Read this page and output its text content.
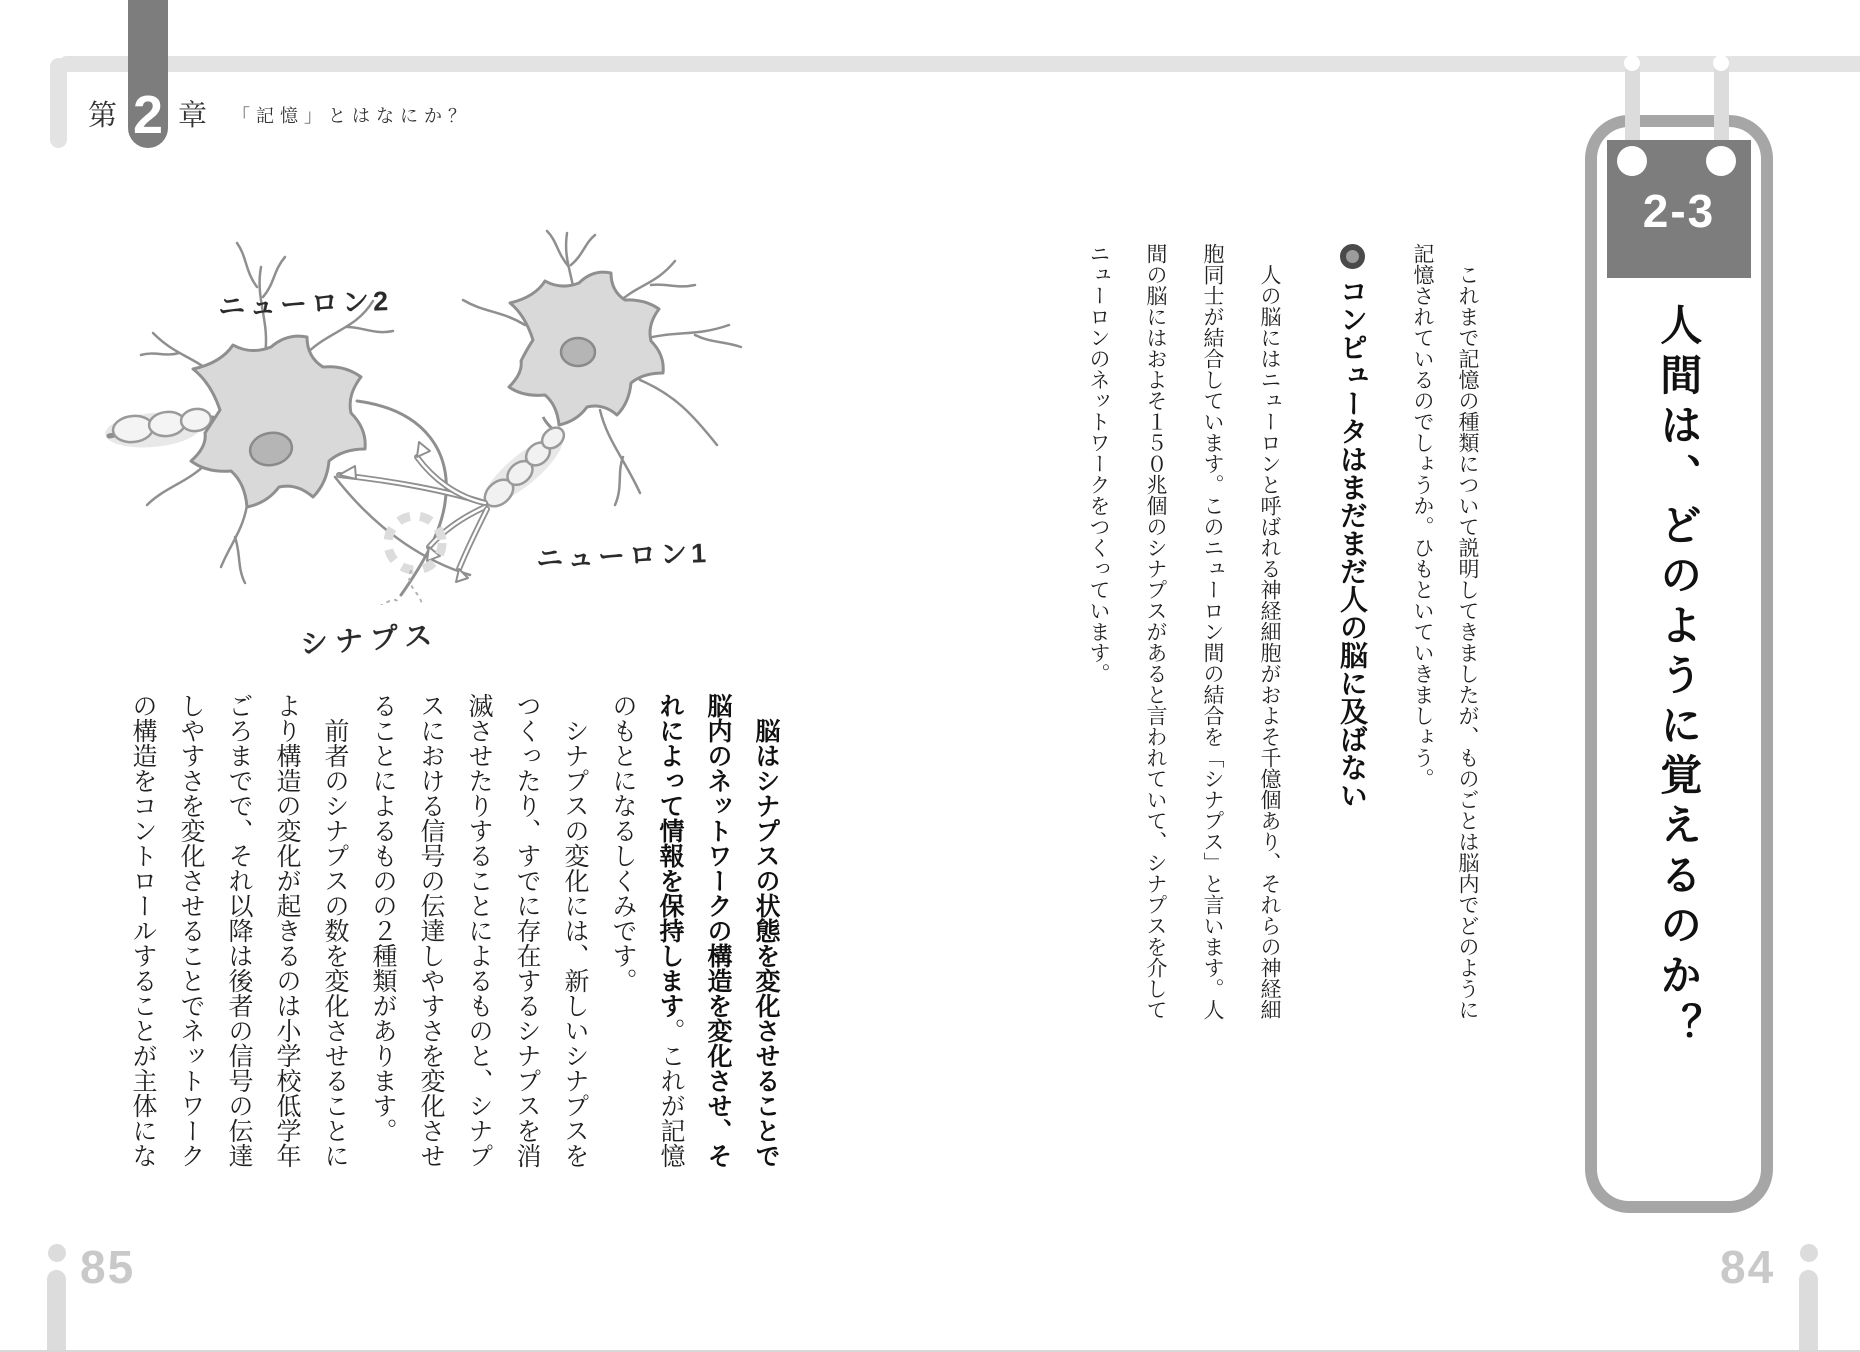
2
第 章 「記憶」とはなにか？
ニューロン2
ニューロン1
シナプス
　脳はシナプスの状態を変化させることで
脳内のネットワークの構造を変化させ、そ
れによって情報を保持します。これが記憶
のもとになるしくみです。
　シナプスの変化には、新しいシナプスを
つくったり、すでに存在するシナプスを消
滅させたりすることによるものと、シナプ
スにおける信号の伝達しやすさを変化させ
ることによるものの２種類があります。
　前者のシナプスの数を変化させることに
より構造の変化が起きるのは小学校低学年
ごろまでで、それ以降は後者の信号の伝達
しやすさを変化させることでネットワーク
の構造をコントロールすることが主体にな
85
　これまで記憶の種類について説明してきましたが、ものごとは脳内でどのように
記憶されているのでしょうか。ひもといていきましょう。
コンピュータはまだまだ人の脳に及ばない
　人の脳にはニューロンと呼ばれる神経細胞がおよそ千億個あり、それらの神経細
胞同士が結合しています。このニューロン間の結合を「シナプス」と言います。人
間の脳にはおよそ１５０兆個のシナプスがあると言われていて、シナプスを介して
ニューロンのネットワークをつくっています。
2-3
人間は、どのように覚えるのか？
84
